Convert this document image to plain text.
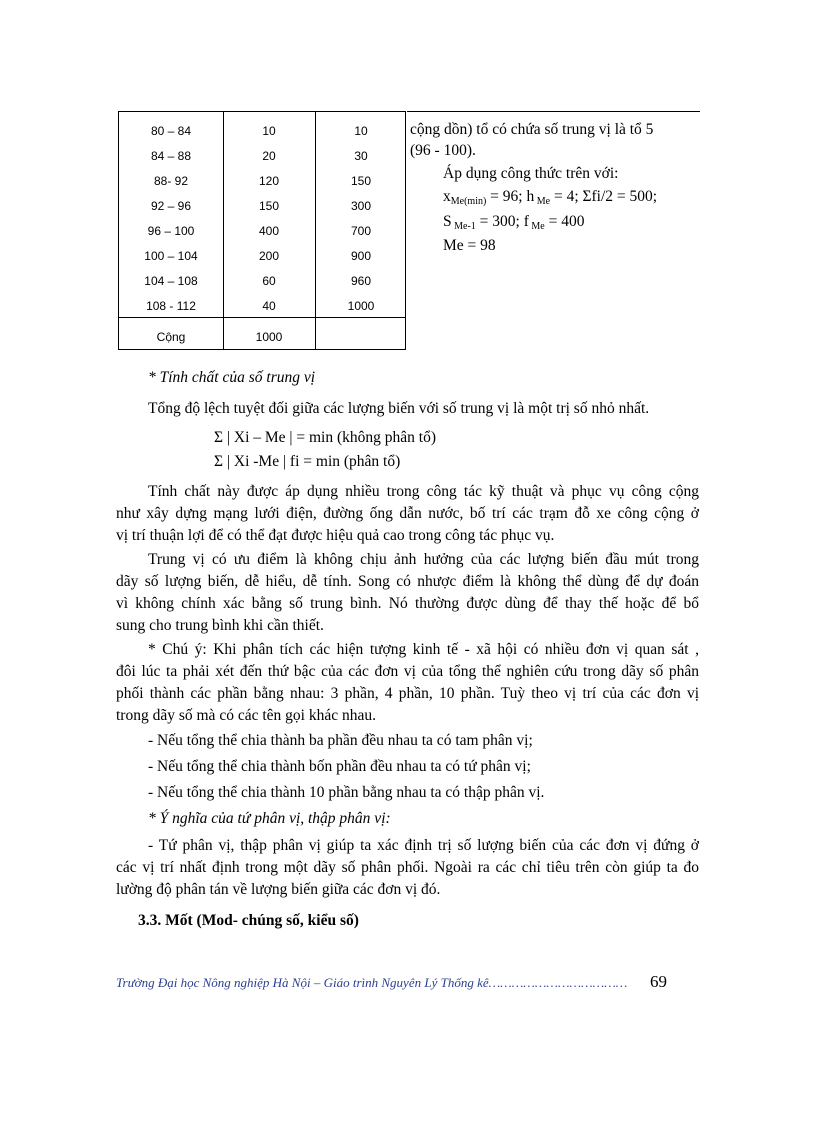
80 – 84	10	10
84 – 88	20	30
88- 92	120	150
92 – 96	150	300
96 – 100	400	700
100 – 104	200	900
104 – 108	60	960
108 - 112	40	1000
Cộng	1000
cộng dồn) tổ có chứa số trung vị là tổ 5
(96 - 100).
Áp dụng công thức trên với:
$x_{Me(min)} = 96$; h $_{Me}$ = 4; Σfi/2 = 500;
S $_{Me-1}$ = 300; f $_{Me}$ = 400
Me = 98
* Tính chất của số trung vị
Tổng độ lệch tuyệt đối giữa các lượng biến với số trung vị là một trị số nhỏ nhất.
Σ | Xi – Me | = min (không phân tổ)
Σ | Xi -Me | fi = min (phân tổ)
Tính chất này được áp dụng nhiều trong công tác kỹ thuật và phục vụ công cộng
như xây dựng mạng lưới điện, đường ống dẫn nước, bố trí các trạm đỗ xe công cộng ở
vị trí thuận lợi để có thể đạt được hiệu quả cao trong công tác phục vụ.
Trung vị có ưu điểm là không chịu ảnh hưởng của các lượng biến đầu mút trong
dãy số lượng biến, dễ hiểu, dễ tính. Song có nhược điểm là không thể dùng để dự đoán
vì không chính xác bằng số trung bình. Nó thường được dùng để thay thế hoặc để bổ
sung cho trung bình khi cần thiết.
* Chú ý: Khi phân tích các hiện tượng kinh tế - xã hội có nhiều đơn vị quan sát ,
đôi lúc ta phải xét đến thứ bậc của các đơn vị của tổng thể nghiên cứu trong dãy số phân
phối thành các phần bằng nhau: 3 phần, 4 phần, 10 phần. Tuỳ theo vị trí của các đơn vị
trong dãy số mà có các tên gọi khác nhau.
- Nếu tổng thể chia thành ba phần đều nhau ta có tam phân vị;
- Nếu tổng thể chia thành bốn phần đều nhau ta có tứ phân vị;
- Nếu tổng thể chia thành 10 phần bằng nhau ta có thập phân vị.
* Ý nghĩa của tứ phân vị, thập phân vị:
- Tứ phân vị, thập phân vị giúp ta xác định trị số lượng biến của các đơn vị đứng ở
các vị trí nhất định trong một dãy số phân phối. Ngoài ra các chỉ tiêu trên còn giúp ta đo
lường độ phân tán về lượng biến giữa các đơn vị đó.
3.3. Mốt (Mod- chúng số, kiểu số)
Trường Đại học Nông nghiệp Hà Nội – Giáo trình Nguyên Lý Thống kê………………………………	69
